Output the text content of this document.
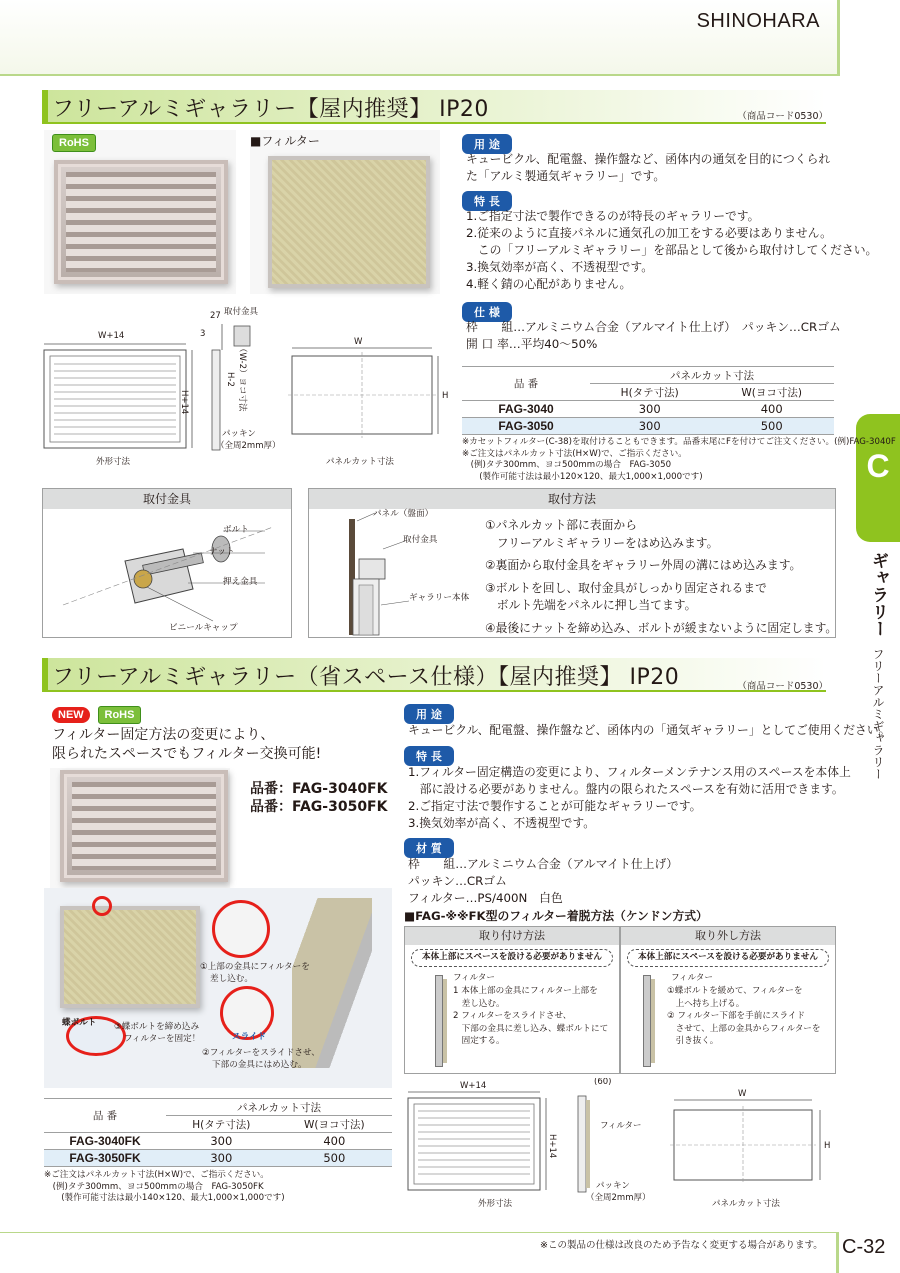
SHINOHARA
C
ギャラリー
フリーアルミギャラリー
フリーアルミギャラリー【屋内推奨】 IP20	（商品コード0530）
RoHS	■フィルター	用 途
キュービクル、配電盤、操作盤など、函体内の通気を目的につくられ
た「アルミ製通気ギャラリー」です。
特 長
1.ご指定寸法で製作できるのが特長のギャラリーです。
2.従来のように直接パネルに通気孔の加工をする必要はありません。
　この「フリーアルミギャラリー」を部品として後から取付けしてください。
3.換気効率が高く、不透視型です。
4.軽く錆の心配がありません。
仕 様
枠　　組…アルミニウム合金（アルマイト仕上げ）　パッキン…CRゴム
開 口 率…平均40～50%
W+14
H+14
外形寸法
27
3
取付金具
H-2 （W-2）ヨコ寸法
パッキン
（全周2mm厚）
W
H
パネルカット寸法
品 番	パネルカット寸法	
	H(タテ寸法)	W(ヨコ寸法)
FAG-3040	300	400
FAG-3050	300	500
※カセットフィルター(C-38)を取付けることもできます。品番末尾にFを付けてご注文ください。(例)FAG-3040F
※ご注文はパネルカット寸法(H×W)で、ご指示ください。
　(例)タテ300mm、ヨコ500mmの場合　FAG-3050
　　(製作可能寸法は最小120×120、最大1,000×1,000です)
取付金具
ボルト
ナット
押え金具
ビニールキャップ
取付方法
パネル（盤面）
取付金具
ギャラリー本体
①パネルカット部に表面から
　フリーアルミギャラリーをはめ込みます。
②裏面から取付金具をギャラリー外周の溝にはめ込みます。
③ボルトを回し、取付金具がしっかり固定されるまで
　ボルト先端をパネルに押し当てます。
④最後にナットを締め込み、ボルトが緩まないように固定します。
フリーアルミギャラリー（省スペース仕様）【屋内推奨】 IP20	（商品コード0530）
NEW RoHS
フィルター固定方法の変更により、
限られたスペースでもフィルター交換可能!
品番：FAG-3040FK
品番：FAG-3050FK
蝶ボルト
①上部の金具にフィルターを
差し込む。
スライド
②フィルターをスライドさせ、
下部の金具にはめ込む。
③蝶ボルトを締め込み
フィルターを固定！
用 途
キュービクル、配電盤、操作盤など、函体内の「通気ギャラリー」としてご使用ください。
特 長
1.フィルター固定構造の変更により、フィルターメンテナンス用のスペースを本体上
　部に設ける必要がありません。盤内の限られたスペースを有効に活用できます。
2.ご指定寸法で製作することが可能なギャラリーです。
3.換気効率が高く、不透視型です。
材 質
枠　　組…アルミニウム合金（アルマイト仕上げ）
パッキン…CRゴム
フィルター…PS/400N　白色
■FAG-※※FK型のフィルター着脱方法（ケンドン方式）
取り付け方法
本体上部にスペースを設ける必要がありません
フィルター
1 本体上部の金具にフィルター上部を
　差し込む。
2 フィルターをスライドさせ、
　下部の金具に差し込み、蝶ボルトにて
　固定する。
取り外し方法
本体上部にスペースを設ける必要がありません
フィルター
①蝶ボルトを緩めて、フィルターを
　上へ持ち上げる。
② フィルター下部を手前にスライド
　させて、上部の金具からフィルターを
　引き抜く。
W+14
H+14
外形寸法
(60)
フィルター
パッキン
（全周2mm厚）
W
H
パネルカット寸法
品 番	パネルカット寸法	
	H(タテ寸法)	W(ヨコ寸法)
FAG-3040FK	300	400
FAG-3050FK	300	500
※ご注文はパネルカット寸法(H×W)で、ご指示ください。
　(例)タテ300mm、ヨコ500mmの場合　FAG-3050FK
　　(製作可能寸法は最小140×120、最大1,000×1,000です)
※この製品の仕様は改良のため予告なく変更する場合があります。 C-32
